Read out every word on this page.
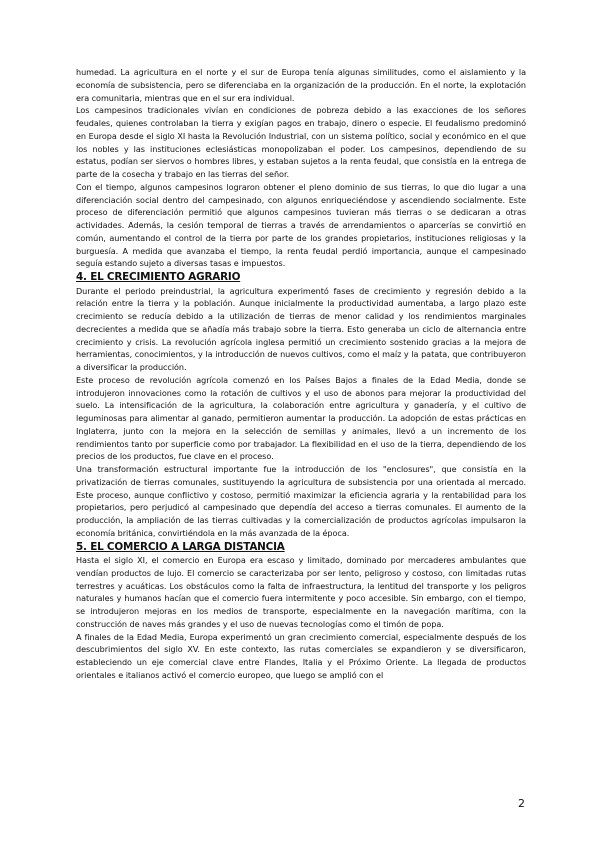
humedad. La agricultura en el norte y el sur de Europa tenía algunas similitudes, como el aislamiento y la economía de subsistencia, pero se diferenciaba en la organización de la producción. En el norte, la explotación era comunitaria, mientras que en el sur era individual.

Los campesinos tradicionales vivían en condiciones de pobreza debido a las exacciones de los señores feudales, quienes controlaban la tierra y exigían pagos en trabajo, dinero o especie. El feudalismo predominó en Europa desde el siglo XI hasta la Revolución Industrial, con un sistema político, social y económico en el que los nobles y las instituciones eclesiásticas monopolizaban el poder. Los campesinos, dependiendo de su estatus, podían ser siervos o hombres libres, y estaban sujetos a la renta feudal, que consistía en la entrega de parte de la cosecha y trabajo en las tierras del señor.

Con el tiempo, algunos campesinos lograron obtener el pleno dominio de sus tierras, lo que dio lugar a una diferenciación social dentro del campesinado, con algunos enriqueciéndose y ascendiendo socialmente. Este proceso de diferenciación permitió que algunos campesinos tuvieran más tierras o se dedicaran a otras actividades. Además, la cesión temporal de tierras a través de arrendamientos o aparcerías se convirtió en común, aumentando el control de la tierra por parte de los grandes propietarios, instituciones religiosas y la burguesía. A medida que avanzaba el tiempo, la renta feudal perdió importancia, aunque el campesinado seguía estando sujeto a diversas tasas e impuestos.

4. EL CRECIMIENTO AGRARIO

Durante el periodo preindustrial, la agricultura experimentó fases de crecimiento y regresión debido a la relación entre la tierra y la población. Aunque inicialmente la productividad aumentaba, a largo plazo este crecimiento se reducía debido a la utilización de tierras de menor calidad y los rendimientos marginales decrecientes a medida que se añadía más trabajo sobre la tierra. Esto generaba un ciclo de alternancia entre crecimiento y crisis. La revolución agrícola inglesa permitió un crecimiento sostenido gracias a la mejora de herramientas, conocimientos, y la introducción de nuevos cultivos, como el maíz y la patata, que contribuyeron a diversificar la producción.

Este proceso de revolución agrícola comenzó en los Países Bajos a finales de la Edad Media, donde se introdujeron innovaciones como la rotación de cultivos y el uso de abonos para mejorar la productividad del suelo. La intensificación de la agricultura, la colaboración entre agricultura y ganadería, y el cultivo de leguminosas para alimentar al ganado, permitieron aumentar la producción. La adopción de estas prácticas en Inglaterra, junto con la mejora en la selección de semillas y animales, llevó a un incremento de los rendimientos tanto por superficie como por trabajador. La flexibilidad en el uso de la tierra, dependiendo de los precios de los productos, fue clave en el proceso.

Una transformación estructural importante fue la introducción de los "enclosures", que consistía en la privatización de tierras comunales, sustituyendo la agricultura de subsistencia por una orientada al mercado. Este proceso, aunque conflictivo y costoso, permitió maximizar la eficiencia agraria y la rentabilidad para los propietarios, pero perjudicó al campesinado que dependía del acceso a tierras comunales. El aumento de la producción, la ampliación de las tierras cultivadas y la comercialización de productos agrícolas impulsaron la economía británica, convirtiéndola en la más avanzada de la época.

5. EL COMERCIO A LARGA DISTANCIA

Hasta el siglo XI, el comercio en Europa era escaso y limitado, dominado por mercaderes ambulantes que vendían productos de lujo. El comercio se caracterizaba por ser lento, peligroso y costoso, con limitadas rutas terrestres y acuáticas. Los obstáculos como la falta de infraestructura, la lentitud del transporte y los peligros naturales y humanos hacían que el comercio fuera intermitente y poco accesible. Sin embargo, con el tiempo, se introdujeron mejoras en los medios de transporte, especialmente en la navegación marítima, con la construcción de naves más grandes y el uso de nuevas tecnologías como el timón de popa.

A finales de la Edad Media, Europa experimentó un gran crecimiento comercial, especialmente después de los descubrimientos del siglo XV. En este contexto, las rutas comerciales se expandieron y se diversificaron, estableciendo un eje comercial clave entre Flandes, Italia y el Próximo Oriente. La llegada de productos orientales e italianos activó el comercio europeo, que luego se amplió con el

2
